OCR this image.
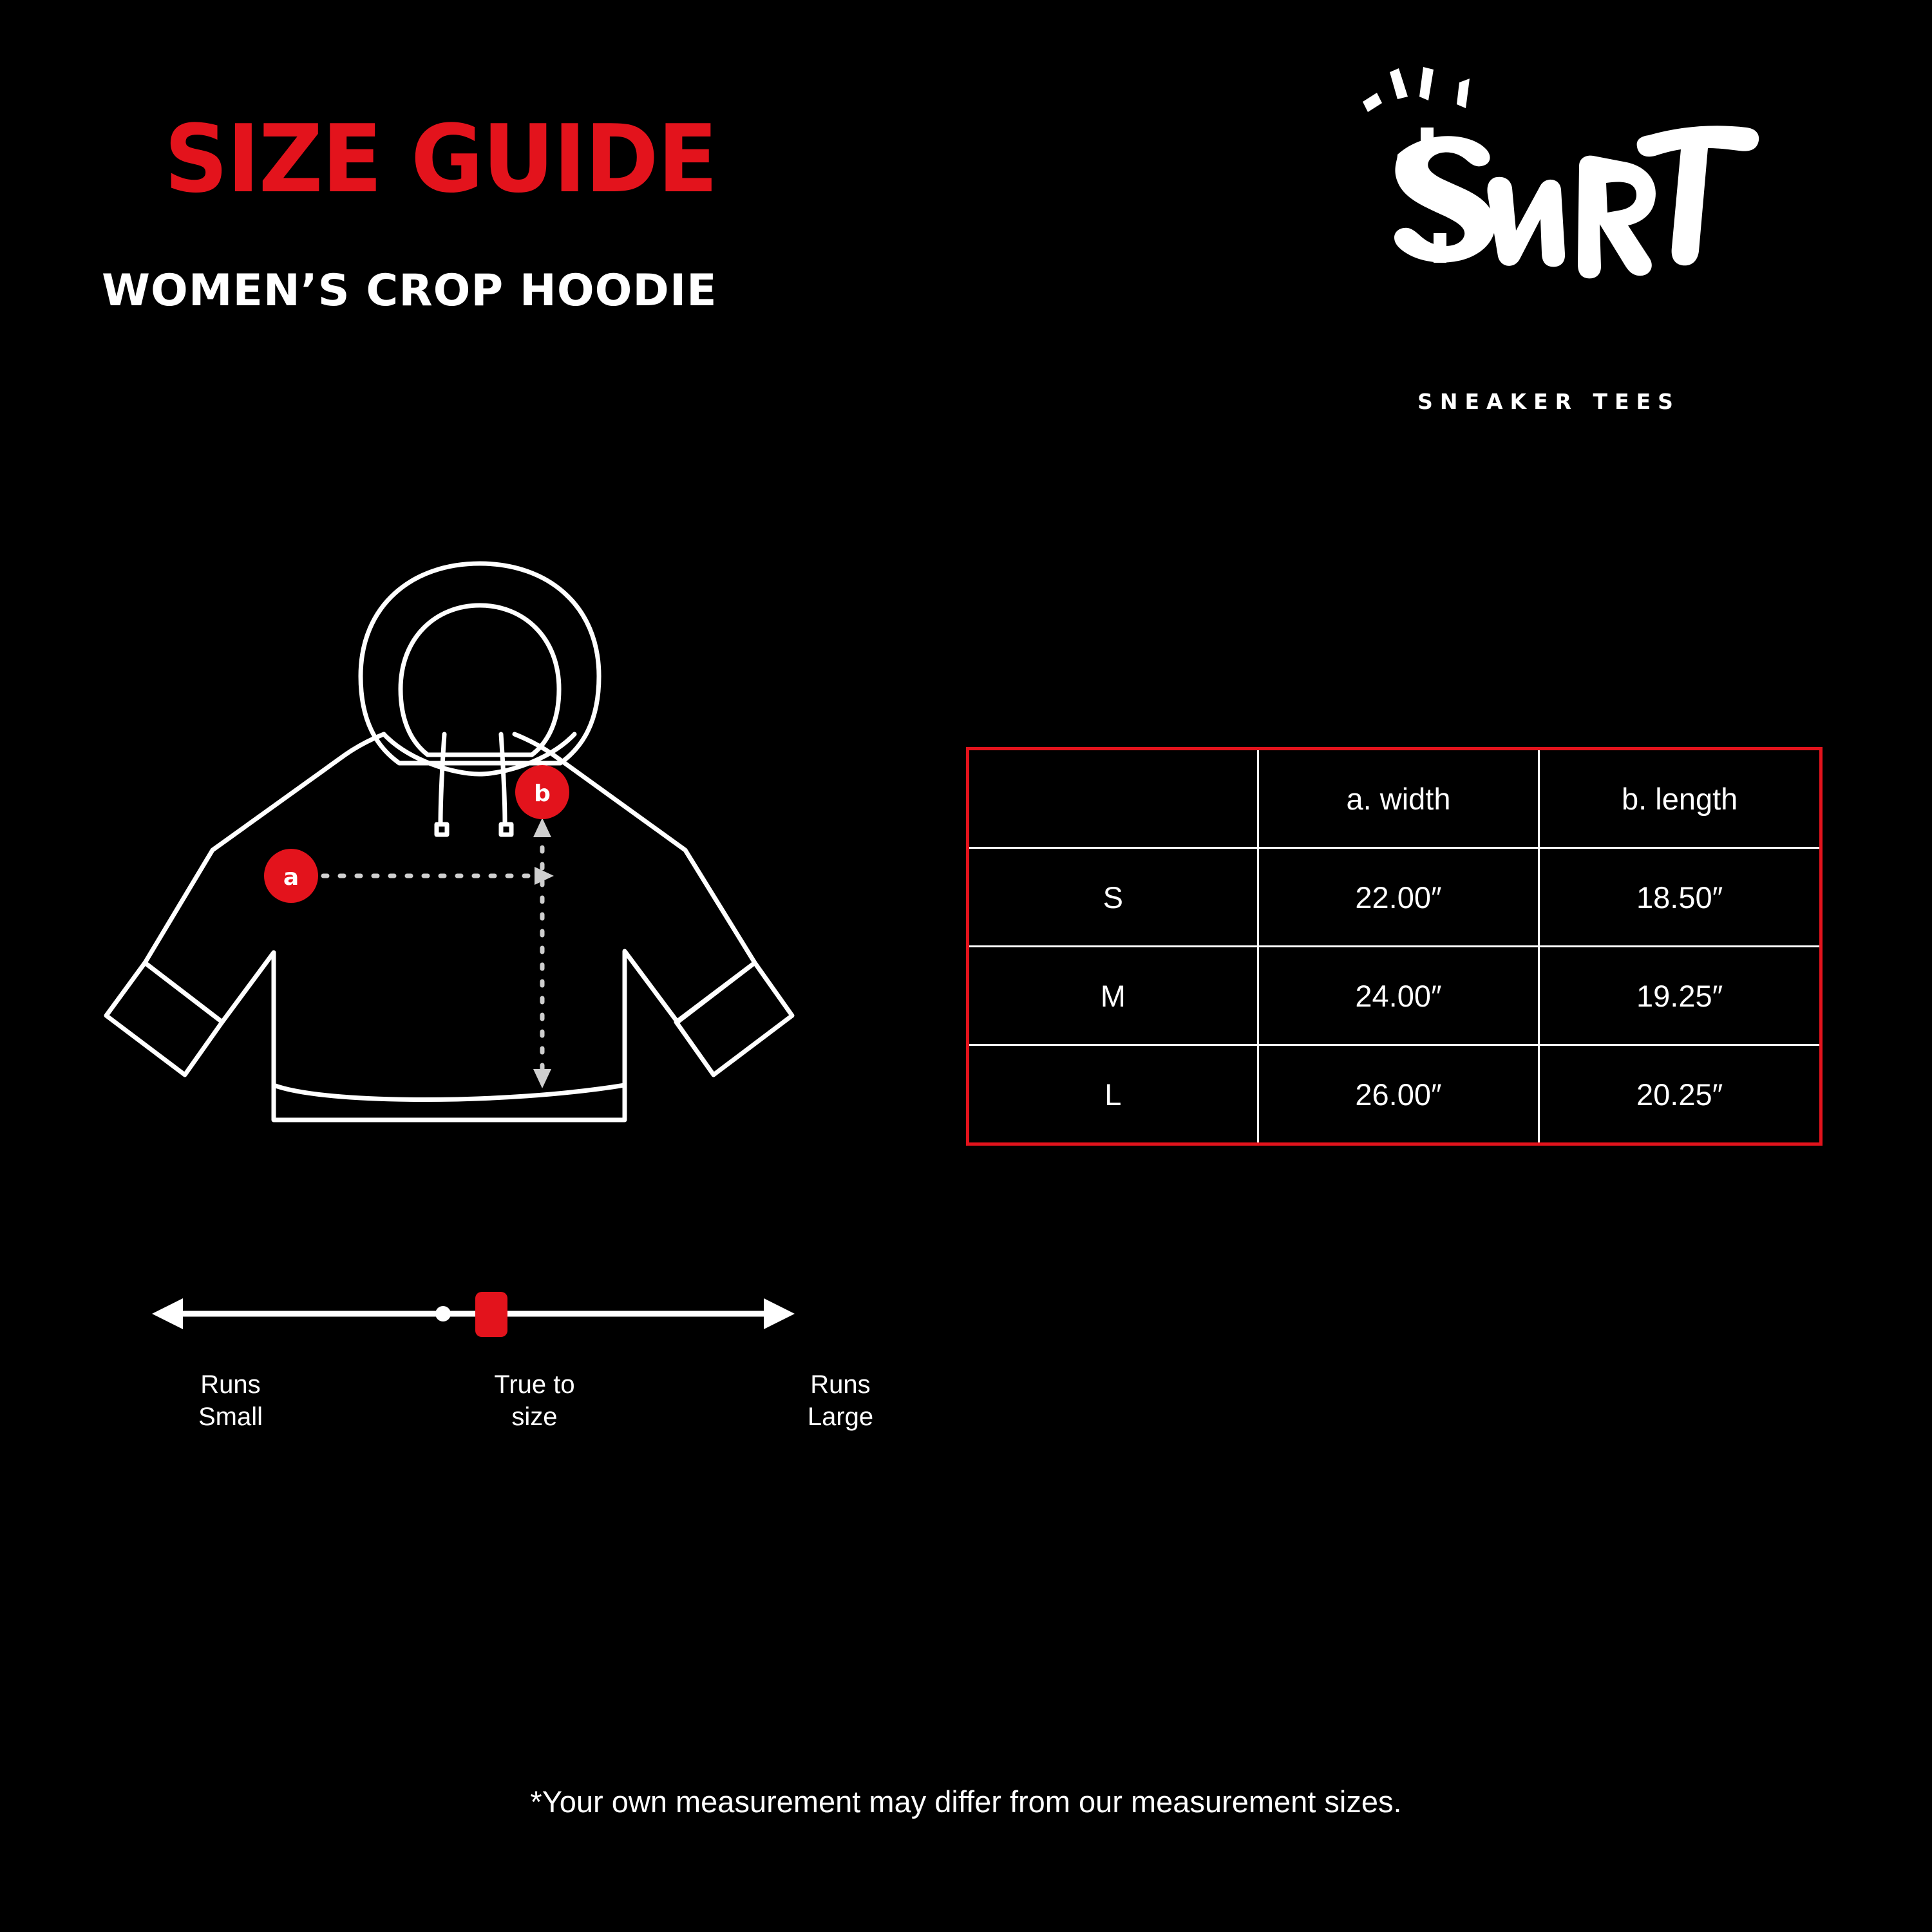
SIZE GUIDE
WOMEN’S CROP HOODIE
SNEAKER TEES
a
b
		a. width	b. length
S	22.00″	18.50″
M	24.00″	19.25″
L	26.00″	20.25″
Runs
Small
True to
size
Runs
Large
*Your own measurement may differ from our measurement sizes.
